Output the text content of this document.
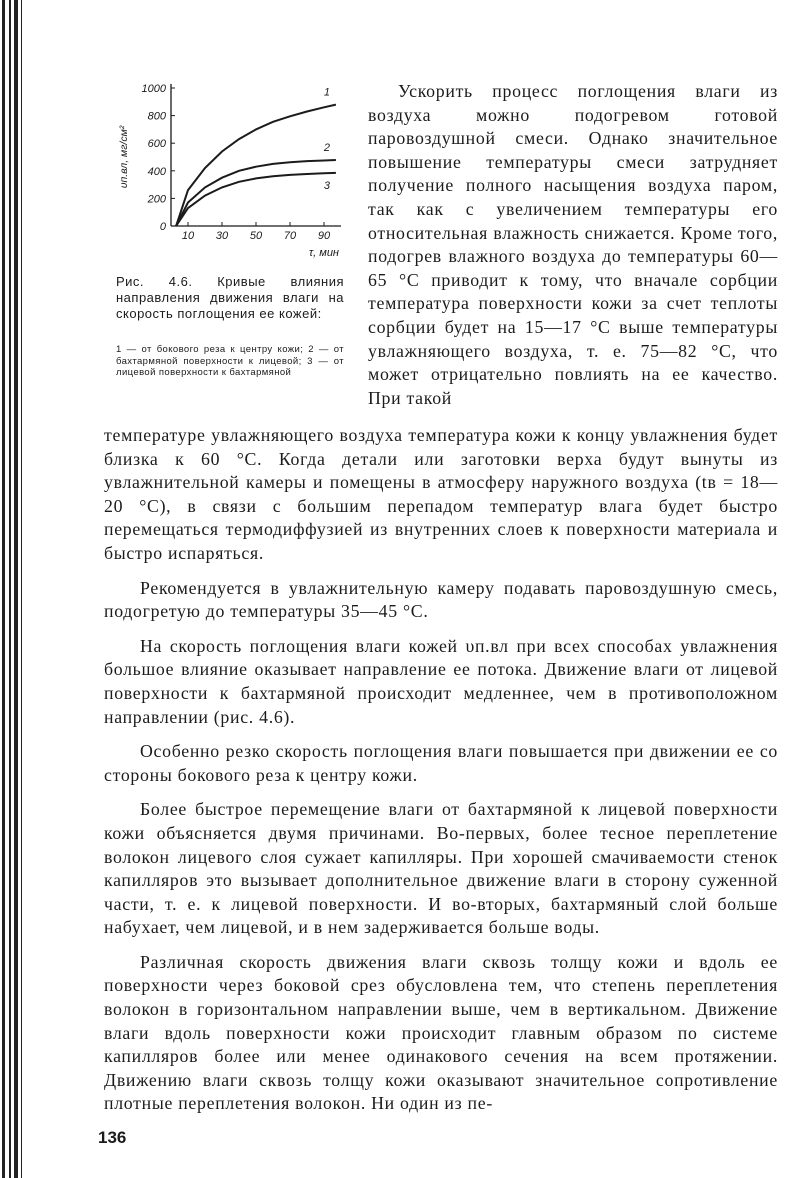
0
200
400
600
800
1000
10 30 50 70 90
1
2
3
υп.вл, мг/см²
τ, мин

Рис. 4.6. Кривые влияния направления движения влаги на скорость поглощения ее кожей:

1 — от бокового реза к центру кожи; 2 — от бахтармяной поверхности к лицевой; 3 — от лицевой поверхности к бахтармяной

Ускорить процесс поглощения влаги из воздуха можно подогревом готовой паровоздушной смеси. Однако значительное повышение температуры смеси затрудняет получение полного насыщения воздуха паром, так как с увеличением температуры его относительная влажность снижается. Кроме того, подогрев влажного воздуха до температуры 60—65 °С приводит к тому, что вначале сорбции температура поверхности кожи за счет теплоты сорбции будет на 15—17 °С выше температуры увлажняющего воздуха, т. е. 75—82 °С, что может отрицательно повлиять на ее качество. При такой

температуре увлажняющего воздуха температура кожи к концу увлажнения будет близка к 60 °С. Когда детали или заготовки верха будут вынуты из увлажнительной камеры и помещены в атмосферу наружного воздуха (tв = 18—20 °С), в связи с большим перепадом температур влага будет быстро перемещаться термодиффузией из внутренних слоев к поверхности материала и быстро испаряться.

Рекомендуется в увлажнительную камеру подавать паровоздушную смесь, подогретую до температуры 35—45 °С.

На скорость поглощения влаги кожей υп.вл при всех способах увлажнения большое влияние оказывает направление ее потока. Движение влаги от лицевой поверхности к бахтармяной происходит медленнее, чем в противоположном направлении (рис. 4.6).

Особенно резко скорость поглощения влаги повышается при движении ее со стороны бокового реза к центру кожи.

Более быстрое перемещение влаги от бахтармяной к лицевой поверхности кожи объясняется двумя причинами. Во-первых, более тесное переплетение волокон лицевого слоя сужает капилляры. При хорошей смачиваемости стенок капилляров это вызывает дополнительное движение влаги в сторону суженной части, т. е. к лицевой поверхности. И во-вторых, бахтармяный слой больше набухает, чем лицевой, и в нем задерживается больше воды.

Различная скорость движения влаги сквозь толщу кожи и вдоль ее поверхности через боковой срез обусловлена тем, что степень переплетения волокон в горизонтальном направлении выше, чем в вертикальном. Движение влаги вдоль поверхности кожи происходит главным образом по системе капилляров более или менее одинакового сечения на всем протяжении. Движению влаги сквозь толщу кожи оказывают значительное сопротивление плотные переплетения волокон. Ни один из пе-

136
